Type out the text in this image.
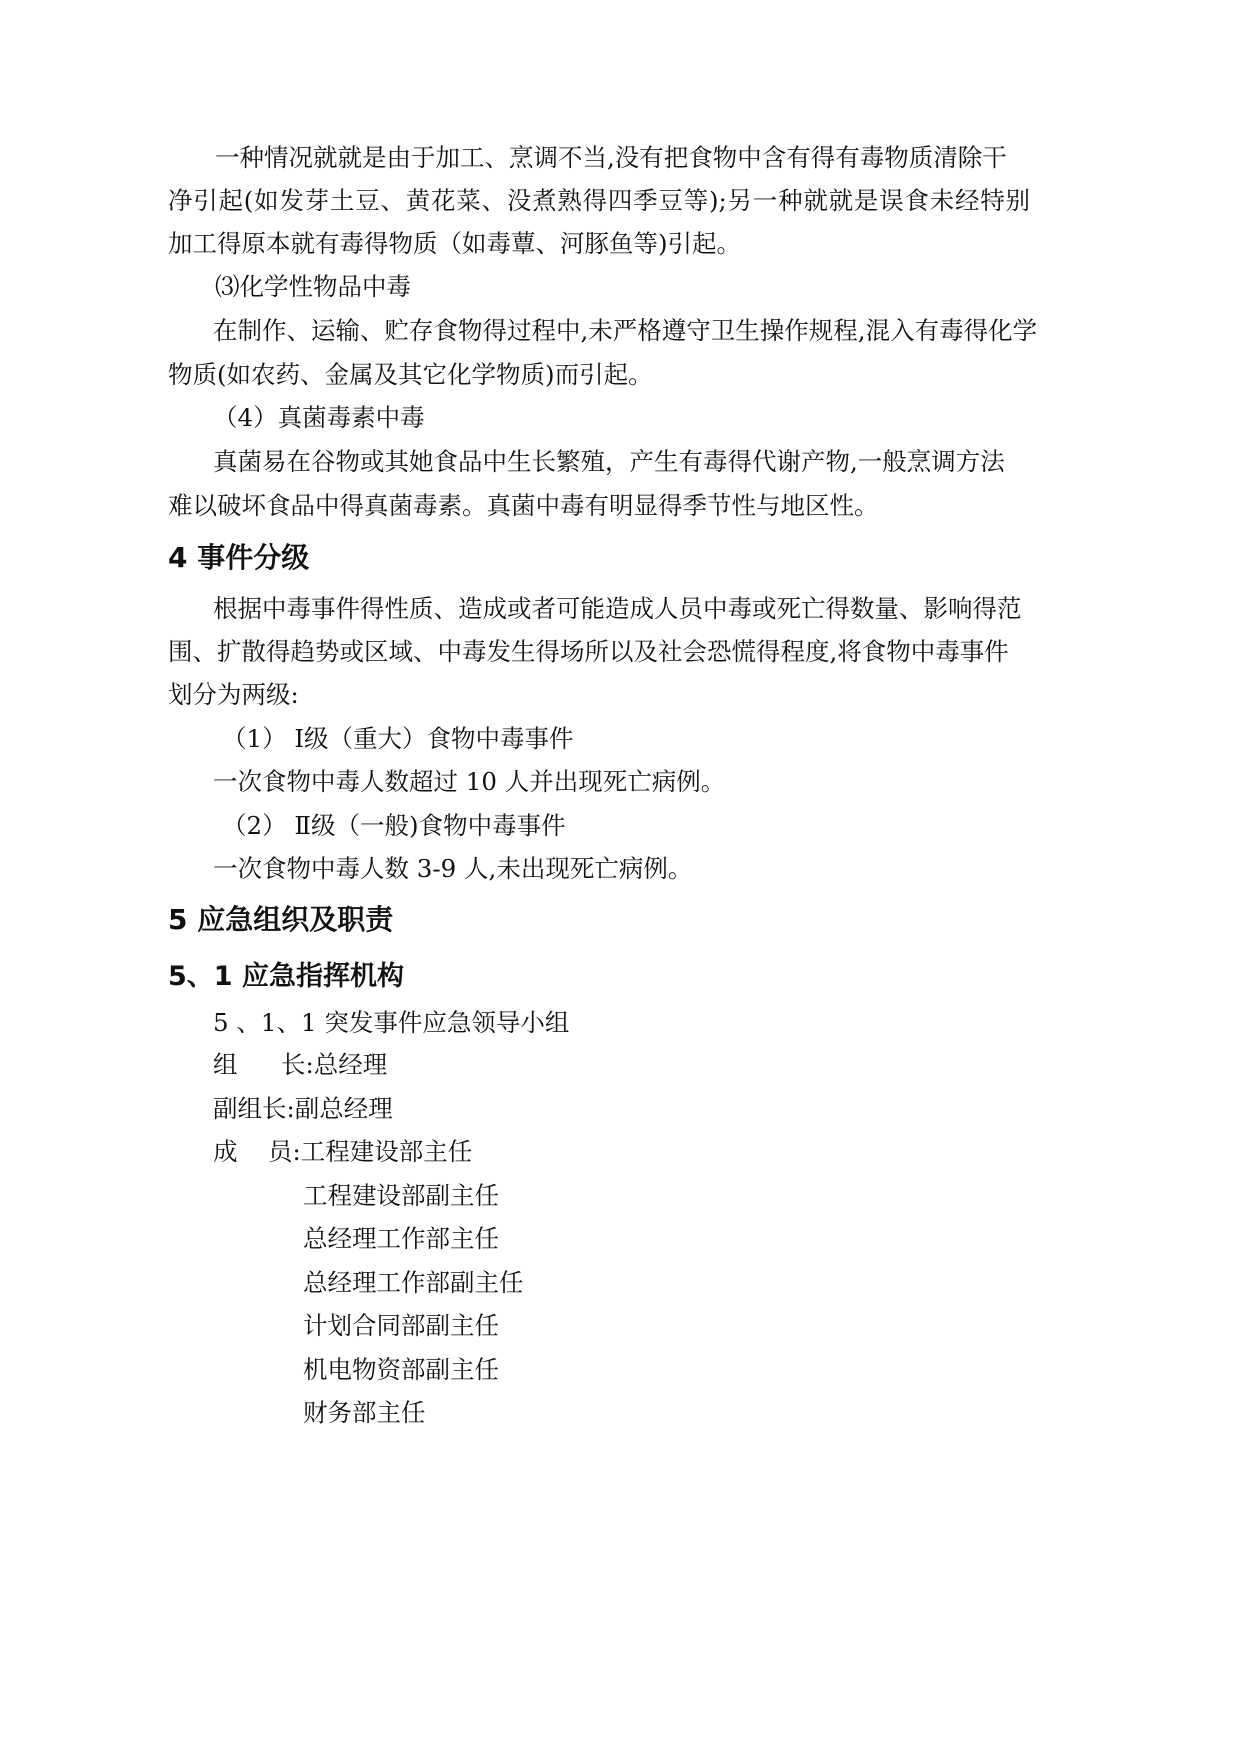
一种情况就就是由于加工、烹调不当,没有把食物中含有得有毒物质清除干
净引起(如发芽土豆、黄花菜、没煮熟得四季豆等);另一种就就是误食未经特别
加工得原本就有毒得物质（如毒蕈、河豚鱼等)引起。
⑶化学性物品中毒
在制作、运输、贮存食物得过程中,未严格遵守卫生操作规程,混入有毒得化学
物质(如农药、金属及其它化学物质)而引起。
（4）真菌毒素中毒
真菌易在谷物或其她食品中生长繁殖，产生有毒得代谢产物,一般烹调方法
难以破坏食品中得真菌毒素。真菌中毒有明显得季节性与地区性。
4 事件分级
根据中毒事件得性质、造成或者可能造成人员中毒或死亡得数量、影响得范
围、扩散得趋势或区域、中毒发生得场所以及社会恐慌得程度,将食物中毒事件
划分为两级:
（1） Ⅰ级（重大）食物中毒事件
一次食物中毒人数超过 10 人并出现死亡病例。
（2） Ⅱ级（一般)食物中毒事件
一次食物中毒人数 3-9 人,未出现死亡病例。
5 应急组织及职责
5、1 应急指挥机构
5 、1、1 突发事件应急领导小组
组 长:总经理
副组长:副总经理
成 员:工程建设部主任
工程建设部副主任
总经理工作部主任
总经理工作部副主任
计划合同部副主任
机电物资部副主任
财务部主任
